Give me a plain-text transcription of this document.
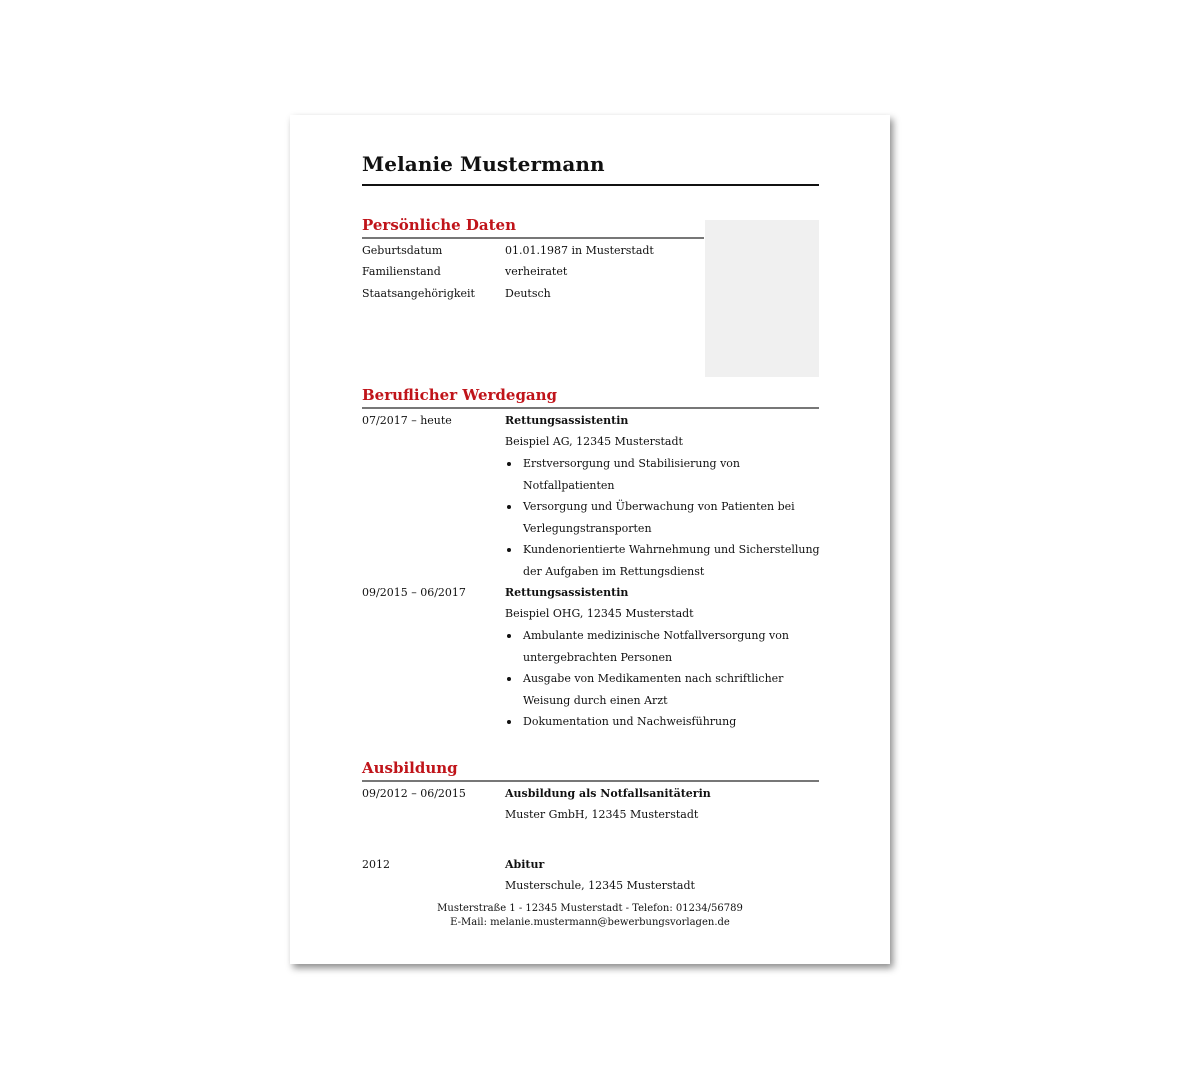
Melanie Mustermann
Persönliche Daten
Geburtsdatum	01.01.1987 in Musterstadt
Familienstand	verheiratet
Staatsangehörigkeit	Deutsch
Beruflicher Werdegang
07/2017 – heute	Rettungsassistentin
Beispiel AG, 12345 Musterstadt
Erstversorgung und Stabilisierung von Notfallpatienten
Versorgung und Überwachung von Patienten bei Verlegungstransporten
Kundenorientierte Wahrnehmung und Sicherstellung der Aufgaben im Rettungsdienst
09/2015 – 06/2017	Rettungsassistentin
Beispiel OHG, 12345 Musterstadt
Ambulante medizinische Notfallversorgung von untergebrachten Personen
Ausgabe von Medikamenten nach schriftlicher Weisung durch einen Arzt
Dokumentation und Nachweisführung
Ausbildung
09/2012 – 06/2015	Ausbildung als Notfallsanitäterin
Muster GmbH, 12345 Musterstadt
2012	Abitur
Musterschule, 12345 Musterstadt
Musterstraße 1 - 12345 Musterstadt - Telefon: 01234/56789
E-Mail: melanie.mustermann@bewerbungsvorlagen.de
